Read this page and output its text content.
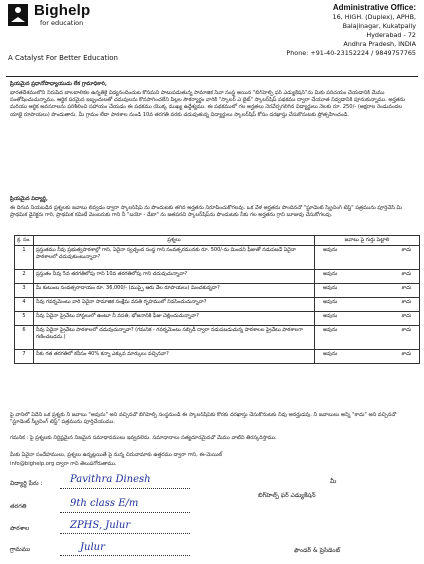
Bighelp
for education
A Catalyst For Better Education
Administrative Office:
16, HIGH. (Duplex), APHB,
Balajinagar, Kukatpally
Hyderabad - 72
Andhra Pradesh, INDIA
Phone: +91-40-23152224 / 9849757765
ప్రియమైన ప్రధానోపాధ్యాయుడు లేక గ్రామాధికారి,
భారతదేశములోని నిరుపేద బాలబాలికల ఉన్నతికై విద్యనందించుట కోసమని పాటుపడుతున్న సామాజిక సేవా సంస్థ అయిన "బిగ్‌హెల్ప్ ఫర్ ఎడ్యుకేషన్"ను మీకు పరిచయం చేయడానికి మేము సంతోషించుచున్నాము. ఆర్థిక పరమైన ఇబ్బందులతో చదువులను కొనసాగించలేని పిల్లల సౌకర్యార్థం వారికి "స్కాలర్ ఎ బైట్" స్కాలర్‌షిప్ పథకము ద్వారా చేయూత నివ్వడానికి పూనుకున్నాము. అర్హతను మరియు ఆర్థిక అవసరాలను పరిశీలించి సహాయం చేయడం ఈ పథకము యొక్క ముఖ్య ఉద్దేశ్యము. ఈ పథకములో గల అర్హతలు నెరవేర్చగలిగిన విద్యార్థులు నెలకు రూ. 250/- (అక్షరాల రెండువందల యాభై రూపాయలు) పొందుతారు. మీ గ్రామం లేదా పాఠశాల నుండి 10వ తరగతి వరకు చదువుతున్న విద్యార్థులు స్కాలర్‌షిప్ కోసం దరఖాస్తు చేసుకొనుటకు ప్రోత్సహించండి.
ప్రియమైన విద్యార్థి,
ఈ దిగువ నీయబడిన ప్రశ్నలకు జవాబు లివ్వడం ద్వారా స్కాలర్‌షిప్ ను పొందుటకు తగిన అర్హతను నిరూపించుకోగలవు. ఒక వేళ అర్హతను పొందినచో "స్టూడెంట్ స్క్రీనింగ్ టెస్ట్" పత్రమును పూర్తిచేసి మీ ప్రాథమిక డైరెక్టరు గారి, ప్రాథమిక కమిటీ మెంబరుకు గాని నీ "బయో - డేటా" ను జతపరచి స్కాలర్‌షిప్‌ను పొందుటకు నీకు గల అర్హతను గ్రాని బూజువు చేసుకోగలవు.
క్ర. సం.	ప్రశ్నలు	జవాబు పై గుర్తు పెట్టాలి
1	ప్రస్తుతము నీవు ప్రభుత్వపాఠశాల్లో గాని, ఏదైనా స్వచ్ఛంద సంస్థ గాని సంవత్సరమునకు రూ. 500/-ను మించని ఫీజుతో నడుపబడే ఏదైనా పాఠశాలలో చదువుకుంటున్నావా?	అవును కాదు

2	ప్రస్తుతం నీవు 5వ తరగతిలోపు గాని 10వ తరగతిలోపు గాని చదువుచున్నావా?	అవును కాదు

3	మీ కుటుంబ సంవత్సరాదాయం రూ. 36,000/- (ముప్పై ఆరు వేల రూపాయలు) మించకున్నదా?	అవును కాదు

4	నీవు గవర్నమెంటు వారి ఏదైనా సామాజిక సంక్షేమ వసతి గృహములో నివసించుచున్నావా?	అవును కాదు

5	నీవు ఏదైనా ప్రైవేటు హాస్టలులో ఉంటూ నీ వసతి, భోజనానికి ఫీజు చెల్లించుచున్నావా?	అవును కాదు

6	నీవు ఏదైనా ప్రైవేటు పాఠశాలలో చదువుచున్నావా? (గమనిక - గవర్నమెంటు సబ్సిడీ ద్వారా నడుపబడుచున్న పాఠశాలల ప్రైవేటు పాఠశాలగా గణించబడదు.)	అవును కాదు

7	నీకు గత తరగతిలో కనీసం 40% కన్నా ఎక్కువ మార్కులు వచ్చినవా?	అవును కాదు
పై వానిలో ఏదేని ఒక ప్రశ్నకు నీ జవాబు "అవును" అని వచ్చినచో బిగ్‌హెల్ప్ సంస్థనుండి ఈ స్కాలర్‌షిప్‌కు కొరకు దరఖాస్తు చేసుకొనుటకు నీవు అనర్హుడవు. నీ జవాబులు అన్నీ "కాదు" అని వచ్చినచో "స్టూడెంట్ స్క్రీనింగ్ టెస్ట్" పత్రమును పూర్తిచేయుము.
గమనిక : పై ప్రశ్నలకు నిర్దిష్టమైన నిజమైన సమాధానములు ఇవ్వవలెను. సమాధానాలు సత్యదూరమైనచో మేము వాటిని తిరస్కరిస్తాము.
మీకు ఏవైనా సందేహములు, ప్రశ్నలు ఉన్నట్లయితే పై నున్న చిరునామాకు ఉత్తరము ద్వారా గాని, ఈ-మెయిల్
info@bighelp.org ద్వారా గాని తెలుపగోరుతాము.
విద్యార్థి పేరు :	Pavithra Dinesh
తరగతి	9th class E/m
పాఠశాల	ZPHS, Julur
గ్రామము	Julur
మీ
బిగ్‌హెల్ప్ ఫర్ ఎడ్యుకేషన్
ఫౌండర్ & ప్రెసిడెంట్
